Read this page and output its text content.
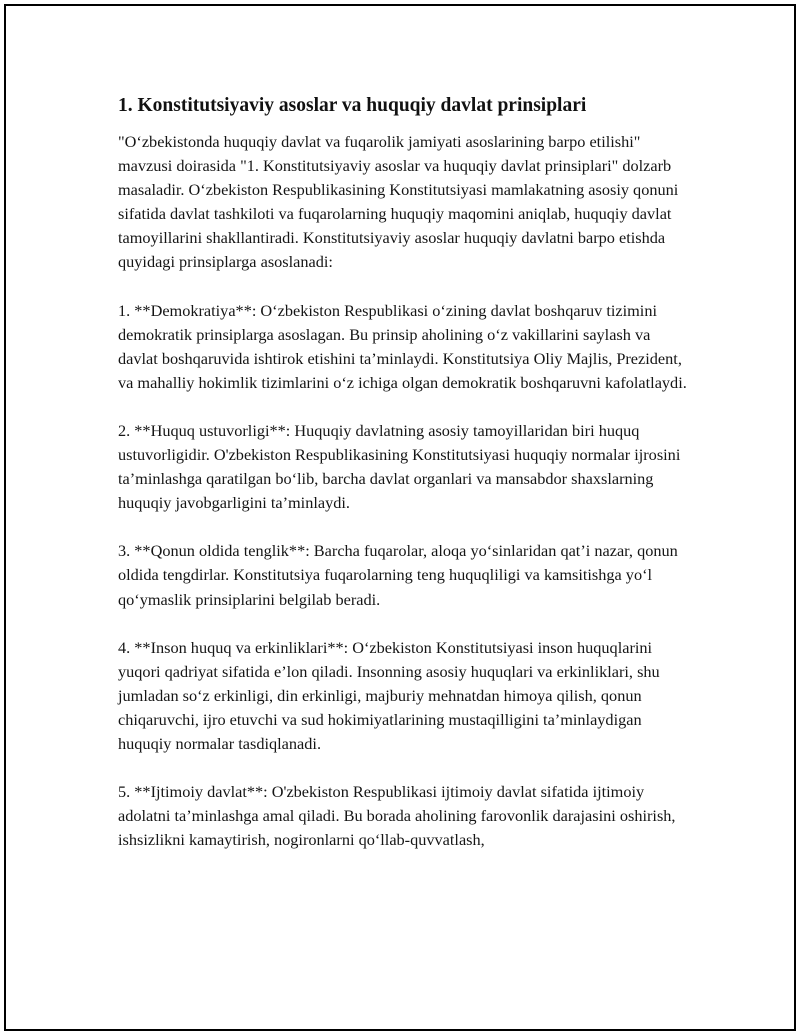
1. Konstitutsiyaviy asoslar va huquqiy davlat prinsiplari

"O‘zbekistonda huquqiy davlat va fuqarolik jamiyati asoslarining barpo etilishi" mavzusi doirasida "1. Konstitutsiyaviy asoslar va huquqiy davlat prinsiplari" dolzarb masaladir. O‘zbekiston Respublikasining Konstitutsiyasi mamlakatning asosiy qonuni sifatida davlat tashkiloti va fuqarolarning huquqiy maqomini aniqlab, huquqiy davlat tamoyillarini shakllantiradi. Konstitutsiyaviy asoslar huquqiy davlatni barpo etishda quyidagi prinsiplarga asoslanadi:

1. **Demokratiya**: O‘zbekiston Respublikasi o‘zining davlat boshqaruv tizimini demokratik prinsiplarga asoslagan. Bu prinsip aholining o‘z vakillarini saylash va davlat boshqaruvida ishtirok etishini ta’minlaydi. Konstitutsiya Oliy Majlis, Prezident, va mahalliy hokimlik tizimlarini o‘z ichiga olgan demokratik boshqaruvni kafolatlaydi.

2. **Huquq ustuvorligi**: Huquqiy davlatning asosiy tamoyillaridan biri huquq ustuvorligidir. O'zbekiston Respublikasining Konstitutsiyasi huquqiy normalar ijrosini ta’minlashga qaratilgan bo‘lib, barcha davlat organlari va mansabdor shaxslarning huquqiy javobgarligini ta’minlaydi.

3. **Qonun oldida tenglik**: Barcha fuqarolar, aloqa yo‘sinlaridan qat’i nazar, qonun oldida tengdirlar. Konstitutsiya fuqarolarning teng huquqliligi va kamsitishga yo‘l qo‘ymaslik prinsiplarini belgilab beradi.

4. **Inson huquq va erkinliklari**: O‘zbekiston Konstitutsiyasi inson huquqlarini yuqori qadriyat sifatida e’lon qiladi. Insonning asosiy huquqlari va erkinliklari, shu jumladan so‘z erkinligi, din erkinligi, majburiy mehnatdan himoya qilish, qonun chiqaruvchi, ijro etuvchi va sud hokimiyatlarining mustaqilligini ta’minlaydigan huquqiy normalar tasdiqlanadi.

5. **Ijtimoiy davlat**: O'zbekiston Respublikasi ijtimoiy davlat sifatida ijtimoiy adolatni ta’minlashga amal qiladi. Bu borada aholining farovonlik darajasini oshirish, ishsizlikni kamaytirish, nogironlarni qo‘llab-quvvatlash,
